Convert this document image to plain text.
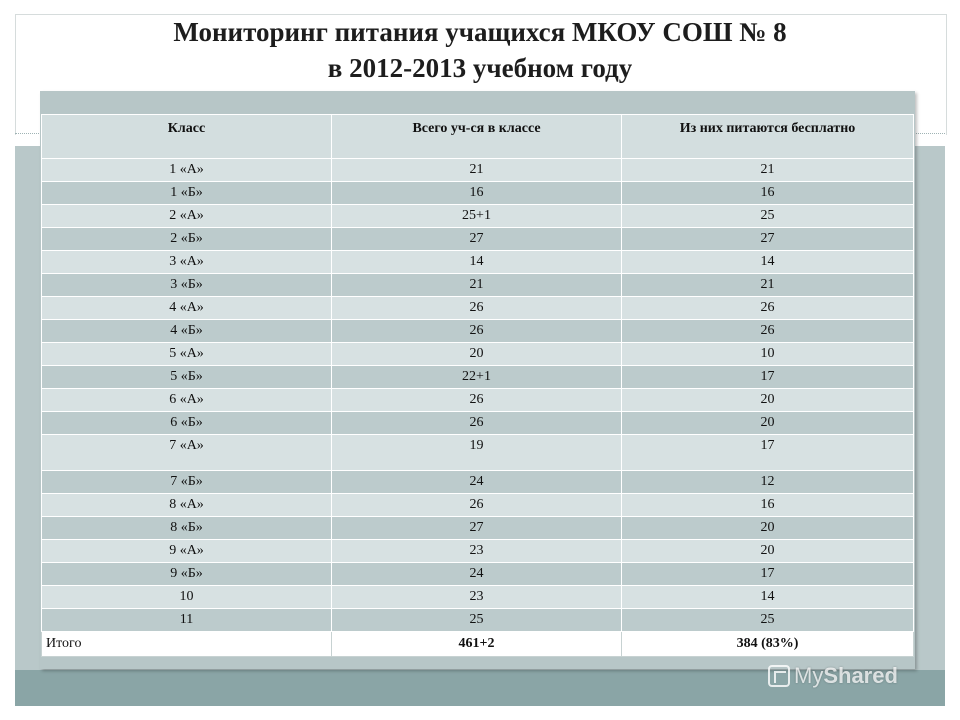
Мониторинг питания учащихся МКОУ СОШ № 8
в 2012-2013 учебном году
Класс	Всего уч-ся в классе	Из них питаются бесплатно
1 «А»	21	21
1 «Б»	16	16
2 «А»	25+1	25
2 «Б»	27	27
3 «А»	14	14
3 «Б»	21	21
4 «А»	26	26
4 «Б»	26	26
5 «А»	20	10
5 «Б»	22+1	17
6 «А»	26	20
6 «Б»	26	20
7 «А»	19	17
7 «Б»	24	12
8 «А»	26	16
8 «Б»	27	20
9 «А»	23	20
9 «Б»	24	17
10	23	14
11	25	25
Итого	461+2	384 (83%)
MyShared
